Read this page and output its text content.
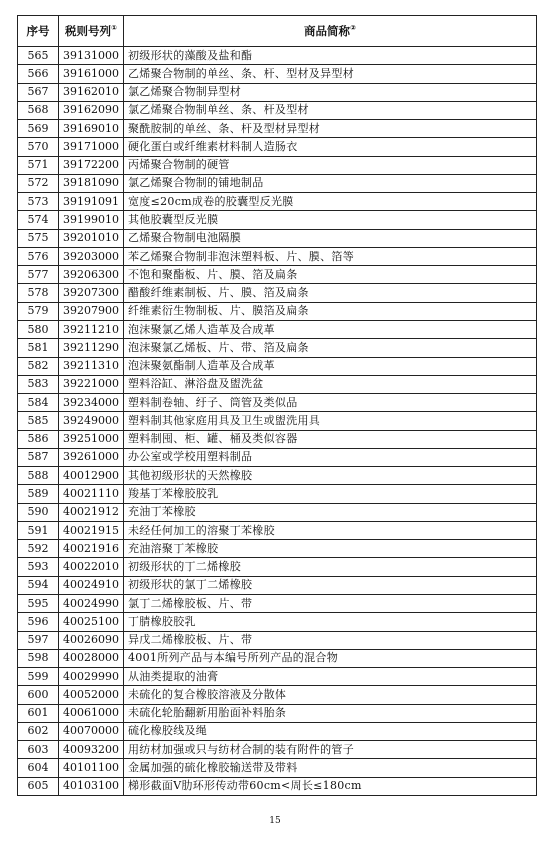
序号	税则号列①	商品简称②
565	39131000	初级形状的藻酸及盐和酯
566	39161000	乙烯聚合物制的单丝、条、杆、型材及异型材
567	39162010	氯乙烯聚合物制异型材
568	39162090	氯乙烯聚合物制单丝、条、杆及型材
569	39169010	聚酰胺制的单丝、条、杆及型材异型材
570	39171000	硬化蛋白或纤维素材料制人造肠衣
571	39172200	丙烯聚合物制的硬管
572	39181090	氯乙烯聚合物制的铺地制品
573	39191091	宽度≤20cm成卷的胶囊型反光膜
574	39199010	其他胶囊型反光膜
575	39201010	乙烯聚合物制电池隔膜
576	39203000	苯乙烯聚合物制非泡沫塑料板、片、膜、箔等
577	39206300	不饱和聚酯板、片、膜、箔及扁条
578	39207300	醋酸纤维素制板、片、膜、箔及扁条
579	39207900	纤维素衍生物制板、片、膜箔及扁条
580	39211210	泡沫聚氯乙烯人造革及合成革
581	39211290	泡沫聚氯乙烯板、片、带、箔及扁条
582	39211310	泡沫聚氨酯制人造革及合成革
583	39221000	塑料浴缸、淋浴盘及盥洗盆
584	39234000	塑料制卷轴、纡子、筒管及类似品
585	39249000	塑料制其他家庭用具及卫生或盥洗用具
586	39251000	塑料制囤、柜、罐、桶及类似容器
587	39261000	办公室或学校用塑料制品
588	40012900	其他初级形状的天然橡胶
589	40021110	羧基丁苯橡胶胶乳
590	40021912	充油丁苯橡胶
591	40021915	未经任何加工的溶聚丁苯橡胶
592	40021916	充油溶聚丁苯橡胶
593	40022010	初级形状的丁二烯橡胶
594	40024910	初级形状的氯丁二烯橡胶
595	40024990	氯丁二烯橡胶板、片、带
596	40025100	丁腈橡胶胶乳
597	40026090	异戊二烯橡胶板、片、带
598	40028000	4001所列产品与本编号所列产品的混合物
599	40029990	从油类提取的油膏
600	40052000	未硫化的复合橡胶溶液及分散体
601	40061000	未硫化轮胎翻新用胎面补料胎条
602	40070000	硫化橡胶线及绳
603	40093200	用纺材加强或只与纺材合制的装有附件的管子
604	40101100	金属加强的硫化橡胶输送带及带料
605	40103100	梯形截面V肋环形传动带60cm<周长≤180cm
15
